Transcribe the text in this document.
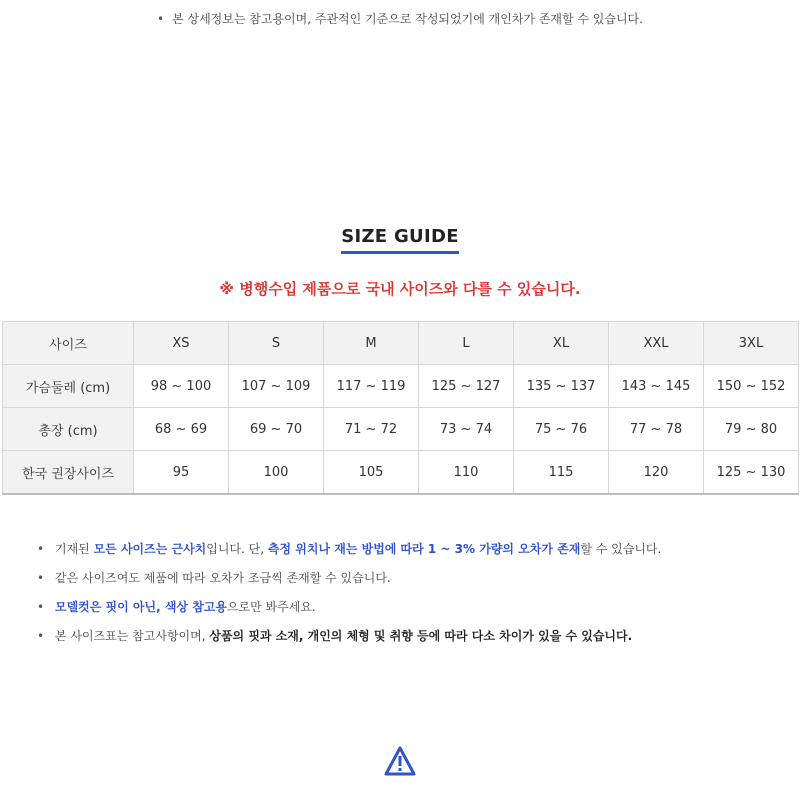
• 본 상세정보는 참고용이며, 주관적인 기준으로 작성되었기에 개인차가 존재할 수 있습니다.
SIZE GUIDE
※ 병행수입 제품으로 국내 사이즈와 다를 수 있습니다.
사이즈	XS	S	M	L	XL	XXL	3XL
가슴둘레 (cm)	98 ~ 100	107 ~ 109	117 ~ 119	125 ~ 127	135 ~ 137	143 ~ 145	150 ~ 152
총장 (cm)	68 ~ 69	69 ~ 70	71 ~ 72	73 ~ 74	75 ~ 76	77 ~ 78	79 ~ 80
한국 권장사이즈	95	100	105	110	115	120	125 ~ 130
• 기재된 모든 사이즈는 근사치입니다. 단, 측정 위치나 재는 방법에 따라 1 ~ 3% 가량의 오차가 존재할 수 있습니다.
• 같은 사이즈여도 제품에 따라 오차가 조금씩 존재할 수 있습니다.
• 모델컷은 핏이 아닌, 색상 참고용으로만 봐주세요.
• 본 사이즈표는 참고사항이며, 상품의 핏과 소재, 개인의 체형 및 취향 등에 따라 다소 차이가 있을 수 있습니다.
